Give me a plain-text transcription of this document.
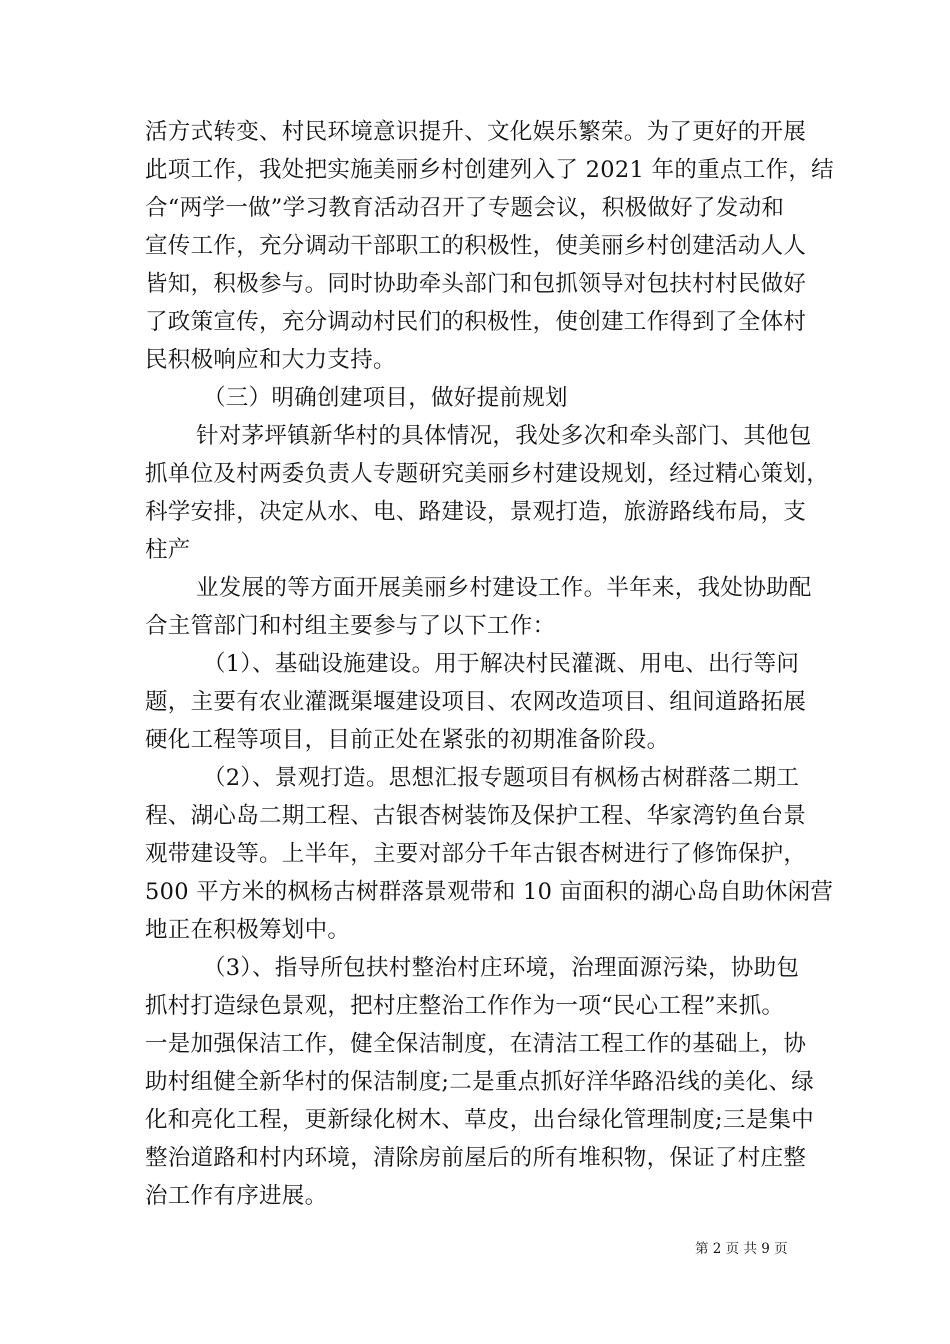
活方式转变、村民环境意识提升、文化娱乐繁荣。为了更好的开展
此项工作，我处把实施美丽乡村创建列入了 2021 年的重点工作，结
合“两学一做”学习教育活动召开了专题会议，积极做好了发动和
宣传工作，充分调动干部职工的积极性，使美丽乡村创建活动人人
皆知，积极参与。同时协助牵头部门和包抓领导对包扶村村民做好
了政策宣传，充分调动村民们的积极性，使创建工作得到了全体村
民积极响应和大力支持。
（三）明确创建项目，做好提前规划
针对茅坪镇新华村的具体情况，我处多次和牵头部门、其他包
抓单位及村两委负责人专题研究美丽乡村建设规划，经过精心策划，
科学安排，决定从水、电、路建设，景观打造，旅游路线布局，支
柱产
业发展的等方面开展美丽乡村建设工作。半年来，我处协助配
合主管部门和村组主要参与了以下工作：
（1）、基础设施建设。用于解决村民灌溉、用电、出行等问
题，主要有农业灌溉渠堰建设项目、农网改造项目、组间道路拓展
硬化工程等项目，目前正处在紧张的初期准备阶段。
（2）、景观打造。思想汇报专题项目有枫杨古树群落二期工
程、湖心岛二期工程、古银杏树装饰及保护工程、华家湾钓鱼台景
观带建设等。上半年，主要对部分千年古银杏树进行了修饰保护，
500 平方米的枫杨古树群落景观带和 10 亩面积的湖心岛自助休闲营
地正在积极筹划中。
（3）、指导所包扶村整治村庄环境，治理面源污染，协助包
抓村打造绿色景观，把村庄整治工作作为一项“民心工程”来抓。
一是加强保洁工作，健全保洁制度，在清洁工程工作的基础上，协
助村组健全新华村的保洁制度;二是重点抓好洋华路沿线的美化、绿
化和亮化工程，更新绿化树木、草皮，出台绿化管理制度;三是集中
整治道路和村内环境，清除房前屋后的所有堆积物，保证了村庄整
治工作有序进展。
第 2 页 共 9 页
